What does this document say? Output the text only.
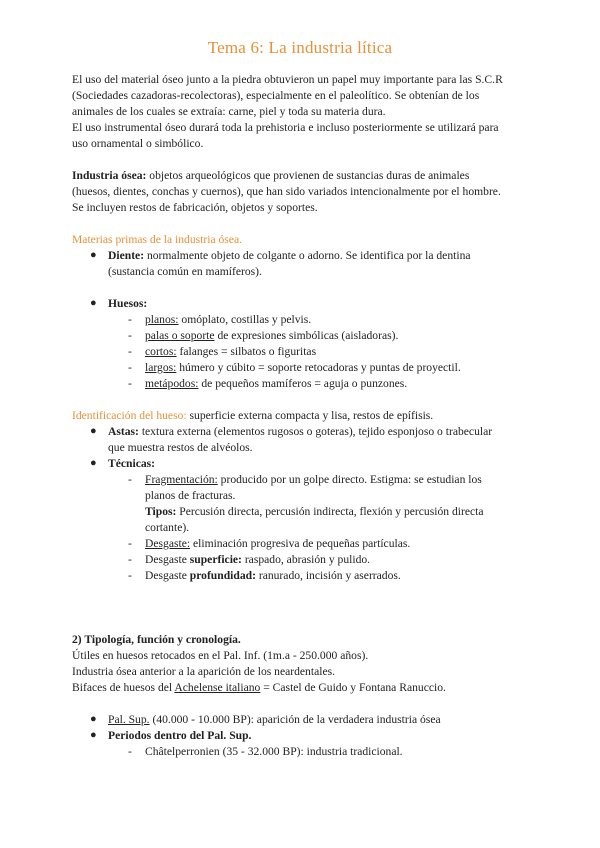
Tema 6: La industria lítica
El uso del material óseo junto a la piedra obtuvieron un papel muy importante para las S.C.R
(Sociedades cazadoras-recolectoras), especialmente en el paleolítico. Se obtenían de los
animales de los cuales se extraía: carne, piel y toda su materia dura.
El uso instrumental óseo durará toda la prehistoria e incluso posteriormente se utilizará para
uso ornamental o simbólico.
Industria ósea: objetos arqueológicos que provienen de sustancias duras de animales
(huesos, dientes, conchas y cuernos), que han sido variados intencionalmente por el hombre.
Se incluyen restos de fabricación, objetos y soportes.
Materias primas de la industria ósea.
● Diente: normalmente objeto de colgante o adorno. Se identifica por la dentina
(sustancia común en mamíferos).
● Huesos:
- planos: omóplato, costillas y pelvis.
- palas o soporte de expresiones simbólicas (aisladoras).
- cortos: falanges = silbatos o figuritas
- largos: húmero y cúbito = soporte retocadoras y puntas de proyectil.
- metápodos: de pequeños mamíferos = aguja o punzones.
Identificación del hueso: superficie externa compacta y lisa, restos de epífisis.
● Astas: textura externa (elementos rugosos o goteras), tejido esponjoso o trabecular
que muestra restos de alvéolos.
● Técnicas:
- Fragmentación: producido por un golpe directo. Estigma: se estudian los
planos de fracturas.
Tipos: Percusión directa, percusión indirecta, flexión y percusión directa
cortante).
- Desgaste: eliminación progresiva de pequeñas partículas.
- Desgaste superficie: raspado, abrasión y pulido.
- Desgaste profundidad: ranurado, incisión y aserrados.
2) Tipología, función y cronología.
Útiles en huesos retocados en el Pal. Inf. (1m.a - 250.000 años).
Industria ósea anterior a la aparición de los neardentales.
Bifaces de huesos del Achelense italiano = Castel de Guido y Fontana Ranuccio.
● Pal. Sup. (40.000 - 10.000 BP): aparición de la verdadera industria ósea
● Periodos dentro del Pal. Sup.
- Châtelperronien (35 - 32.000 BP): industria tradicional.
